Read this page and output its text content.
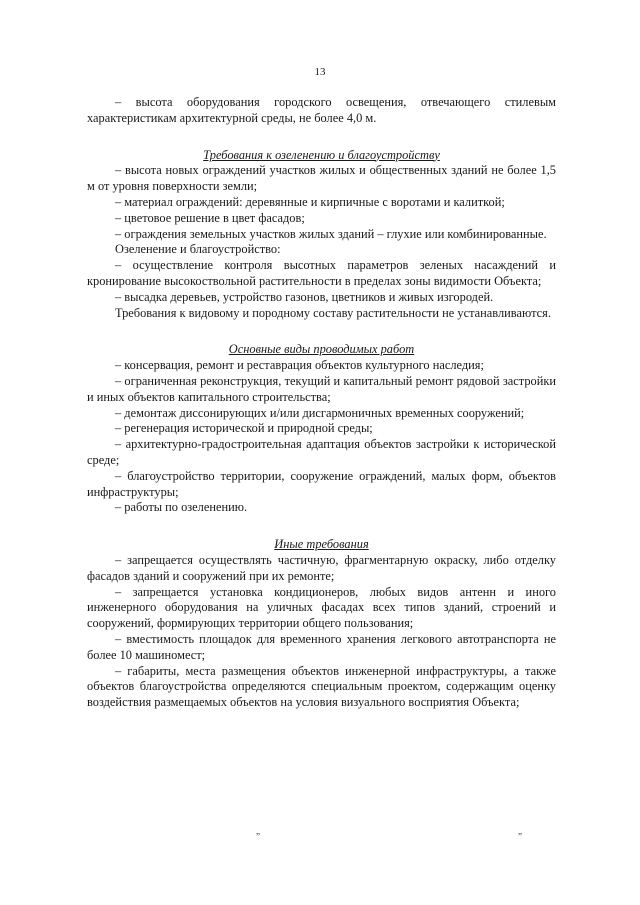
13

– высота оборудования городского освещения, отвечающего стилевым характеристикам архитектурной среды, не более 4,0 м.

Требования к озеленению и благоустройству

– высота новых ограждений участков жилых и общественных зданий не более 1,5 м от уровня поверхности земли;

– материал ограждений: деревянные и кирпичные с воротами и калиткой;

– цветовое решение в цвет фасадов;

– ограждения земельных участков жилых зданий – глухие или комбинированные.

Озеленение и благоустройство:

– осуществление контроля высотных параметров зеленых насаждений и кронирование высокоствольной растительности в пределах зоны видимости Объекта;

– высадка деревьев, устройство газонов, цветников и живых изгородей.

Требования к видовому и породному составу растительности не устанавливаются.

Основные виды проводимых работ

– консервация, ремонт и реставрация объектов культурного наследия;

– ограниченная реконструкция, текущий и капитальный ремонт рядовой застройки и иных объектов капитального строительства;

– демонтаж диссонирующих и/или дисгармоничных временных сооружений;

– регенерация исторической и природной среды;

– архитектурно-градостроительная адаптация объектов застройки к исторической среде;

– благоустройство территории, сооружение ограждений, малых форм, объектов инфраструктуры;

– работы по озеленению.

Иные требования

– запрещается осуществлять частичную, фрагментарную окраску, либо отделку фасадов зданий и сооружений при их ремонте;

– запрещается установка кондиционеров, любых видов антенн и иного инженерного оборудования на уличных фасадах всех типов зданий, строений и сооружений, формирующих территории общего пользования;

– вместимость площадок для временного хранения легкового автотранспорта не более 10 машиномест;

– габариты, места размещения объектов инженерной инфраструктуры, а также объектов благоустройства определяются специальным проектом, содержащим оценку воздействия размещаемых объектов на условия визуального восприятия Объекта;

„	„
